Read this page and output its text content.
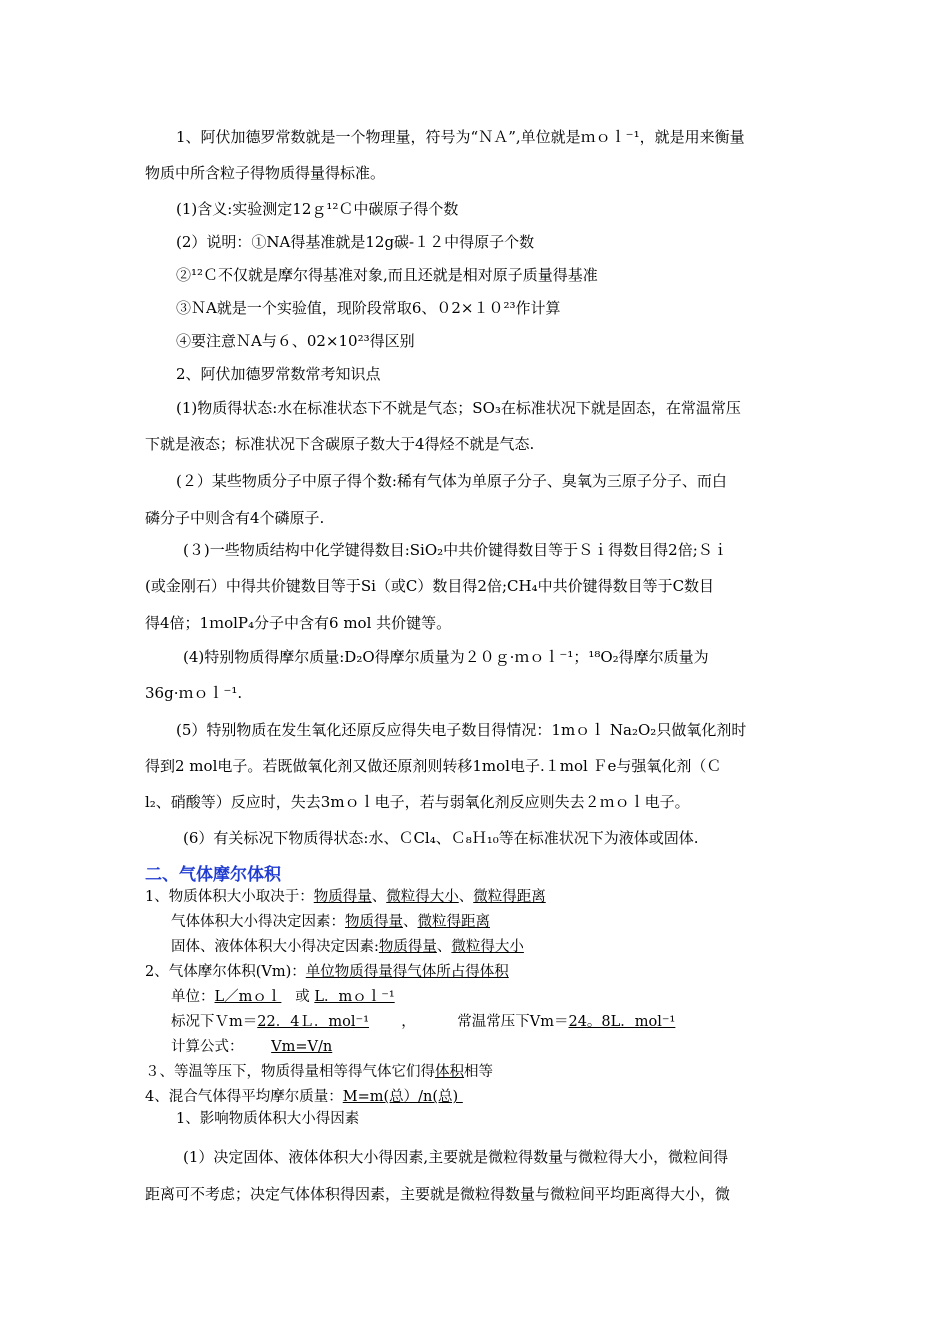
1、阿伏加德罗常数就是一个物理量，符号为“ＮＡ”,单位就是ｍｏｌ⁻¹，就是用来衡量
物质中所含粒子得物质得量得标准。
(1)含义:实验测定12ｇ¹²Ｃ中碳原子得个数
(2）说明：①NA得基准就是12g碳-１２中得原子个数
②¹²Ｃ不仅就是摩尔得基准对象,而且还就是相对原子质量得基准
③ＮA就是一个实验值，现阶段常取6、０2×１０²³作计算
④要注意ＮA与６、02×10²³得区别
2、阿伏加德罗常数常考知识点
(1)物质得状态:水在标准状态下不就是气态；SO₃在标准状况下就是固态，在常温常压
下就是液态；标准状况下含碳原子数大于4得烃不就是气态.
(２）某些物质分子中原子得个数:稀有气体为单原子分子、臭氧为三原子分子、而白
磷分子中则含有4个磷原子.
(３)一些物质结构中化学键得数目:SiO₂中共价键得数目等于Ｓｉ得数目得2倍;Ｓｉ
(或金刚石）中得共价键数目等于Si（或C）数目得2倍;CH₄中共价键得数目等于C数目
得4倍；1ｍolP₄分子中含有6 mol 共价键等。
(4)特别物质得摩尔质量:D₂O得摩尔质量为２０ｇ·ｍｏｌ⁻¹；¹⁸O₂得摩尔质量为
36g·ｍｏｌ⁻¹.
(5）特别物质在发生氧化还原反应得失电子数目得情况：1mｏｌ Na₂O₂只做氧化剂时
得到2 mol电子。若既做氧化剂又做还原剂则转移1mol电子.１mol Ｆe与强氧化剂（Ｃ
l₂、硝酸等）反应时，失去3mｏｌ电子，若与弱氧化剂反应则失去２ｍｏｌ电子。
(6）有关标况下物质得状态:水、ＣCl₄、Ｃ₈Ｈ₁₀等在标准状况下为液体或固体.
二、气体摩尔体积
1、物质体积大小取决于：物质得量、微粒得大小、微粒得距离
气体体积大小得决定因素：物质得量、微粒得距离
固体、液体体积大小得决定因素:物质得量、微粒得大小
2、气体摩尔体积(Vm)：单位物质得量得气体所占得体积
单位：L／mｏｌ   或 L．mｏｌ⁻¹
标况下Ｖm＝22．4Ｌ．mol⁻¹       ，         常温常压下Vm＝24。8L．mol⁻¹
计算公式：      Vm=V/n
３、等温等压下，物质得量相等得气体它们得体积相等
4、混合气体得平均摩尔质量：M=m(总）/n(总)
1、影响物质体积大小得因素
(1）决定固体、液体体积大小得因素,主要就是微粒得数量与微粒得大小，微粒间得
距离可不考虑；决定气体体积得因素，主要就是微粒得数量与微粒间平均距离得大小，微
